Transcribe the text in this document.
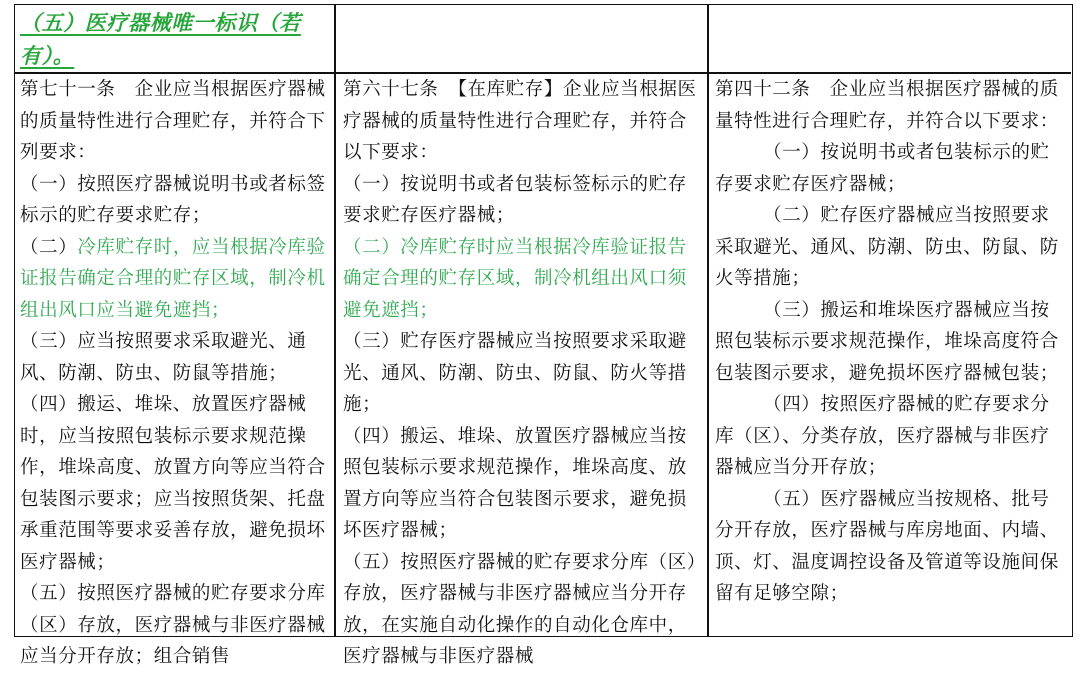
（五）医疗器械唯一标识（若有）。

第七十一条　企业应当根据医疗器械的质量特性进行合理贮存，并符合下列要求：

（一）按照医疗器械说明书或者标签标示的贮存要求贮存；

（二）冷库贮存时，应当根据冷库验证报告确定合理的贮存区域，制冷机组出风口应当避免遮挡；

（三）应当按照要求采取避光、通风、防潮、防虫、防鼠等措施；

（四）搬运、堆垛、放置医疗器械时，应当按照包装标示要求规范操作，堆垛高度、放置方向等应当符合包装图示要求；应当按照货架、托盘承重范围等要求妥善存放，避免损坏医疗器械；

（五）按照医疗器械的贮存要求分库（区）存放，医疗器械与非医疗器械应当分开存放；组合销售

第六十七条　【在库贮存】企业应当根据医疗器械的质量特性进行合理贮存，并符合以下要求：

（一）按说明书或者包装标签标示的贮存要求贮存医疗器械；

（二）冷库贮存时应当根据冷库验证报告确定合理的贮存区域，制冷机组出风口须避免遮挡；

（三）贮存医疗器械应当按照要求采取避光、通风、防潮、防虫、防鼠、防火等措施；

（四）搬运、堆垛、放置医疗器械应当按照包装标示要求规范操作，堆垛高度、放置方向等应当符合包装图示要求，避免损坏医疗器械；

（五）按照医疗器械的贮存要求分库（区）存放，医疗器械与非医疗器械应当分开存放，在实施自动化操作的自动化仓库中，医疗器械与非医疗器械

第四十二条　企业应当根据医疗器械的质量特性进行合理贮存，并符合以下要求：

（一）按说明书或者包装标示的贮存要求贮存医疗器械；

（二）贮存医疗器械应当按照要求采取避光、通风、防潮、防虫、防鼠、防火等措施；

（三）搬运和堆垛医疗器械应当按照包装标示要求规范操作，堆垛高度符合包装图示要求，避免损坏医疗器械包装；

（四）按照医疗器械的贮存要求分库（区）、分类存放，医疗器械与非医疗器械应当分开存放；

（五）医疗器械应当按规格、批号分开存放，医疗器械与库房地面、内墙、顶、灯、温度调控设备及管道等设施间保留有足够空隙；
